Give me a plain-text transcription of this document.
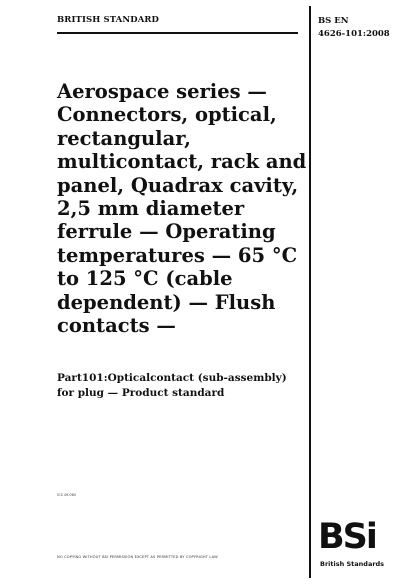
BRITISH STANDARD	BS EN
4626-101:2008
Aerospace series — Connectors, optical, rectangular, multicontact, rack and panel, Quadrax cavity, 2,5 mm diameter ferrule — Operating temperatures — 65 °C to 125 °C (cable dependent) — Flush contacts —

Part101:Opticalcontact (sub-assembly) for plug — Product standard

ICS 49.060
NO COPYING WITHOUT BSI PERMISSION EXCEPT AS PERMITTED BY COPYRIGHT LAW	BSi
British Standards
